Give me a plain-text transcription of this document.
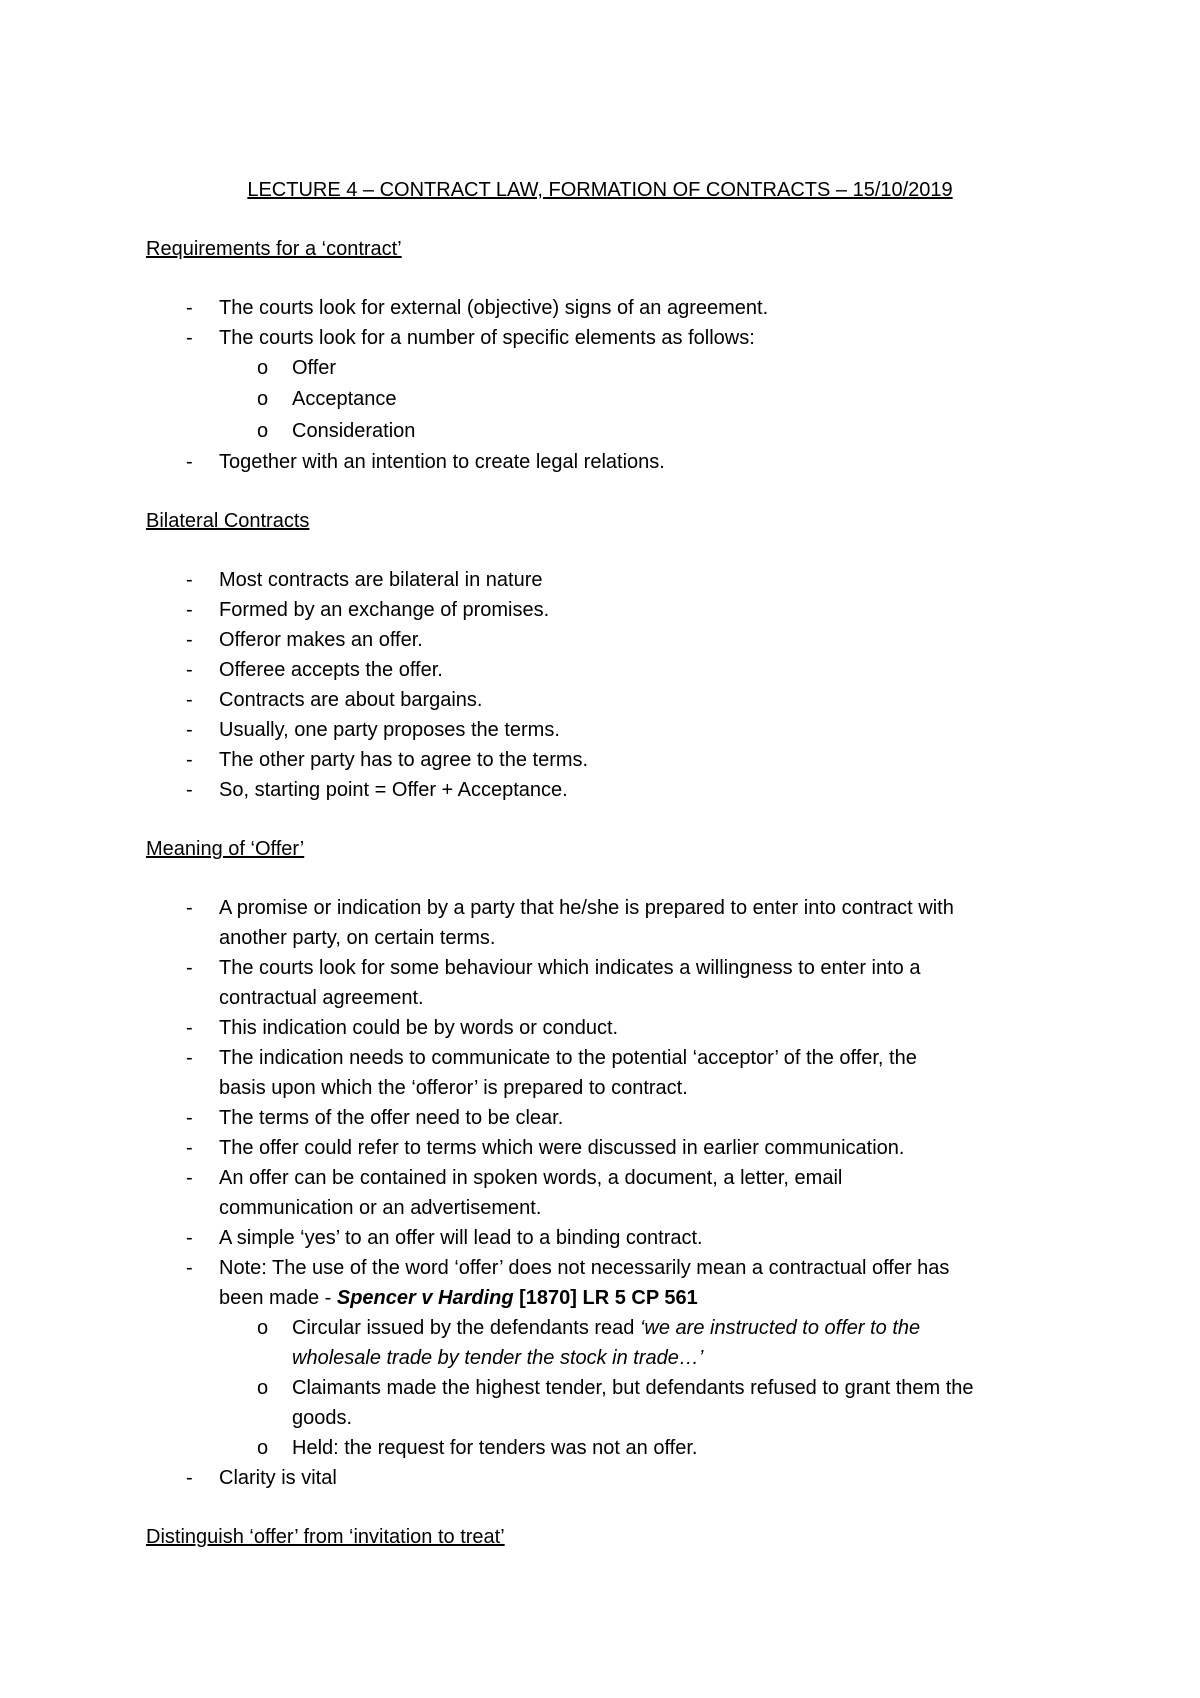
LECTURE 4 – CONTRACT LAW, FORMATION OF CONTRACTS – 15/10/2019
Requirements for a ‘contract’
- The courts look for external (objective) signs of an agreement.
- The courts look for a number of specific elements as follows:
o Offer
o Acceptance
o Consideration
- Together with an intention to create legal relations.
Bilateral Contracts
- Most contracts are bilateral in nature
- Formed by an exchange of promises.
- Offeror makes an offer.
- Offeree accepts the offer.
- Contracts are about bargains.
- Usually, one party proposes the terms.
- The other party has to agree to the terms.
- So, starting point = Offer + Acceptance.
Meaning of ‘Offer’
- A promise or indication by a party that he/she is prepared to enter into contract with
another party, on certain terms.
- The courts look for some behaviour which indicates a willingness to enter into a
contractual agreement.
- This indication could be by words or conduct.
- The indication needs to communicate to the potential ‘acceptor’ of the offer, the
basis upon which the ‘offeror’ is prepared to contract.
- The terms of the offer need to be clear.
- The offer could refer to terms which were discussed in earlier communication.
- An offer can be contained in spoken words, a document, a letter, email
communication or an advertisement.
- A simple ‘yes’ to an offer will lead to a binding contract.
- Note: The use of the word ‘offer’ does not necessarily mean a contractual offer has
been made - Spencer v Harding [1870] LR 5 CP 561
o Circular issued by the defendants read ‘we are instructed to offer to the
wholesale trade by tender the stock in trade…’
o Claimants made the highest tender, but defendants refused to grant them the
goods.
o Held: the request for tenders was not an offer.
- Clarity is vital
Distinguish ‘offer’ from ‘invitation to treat’
